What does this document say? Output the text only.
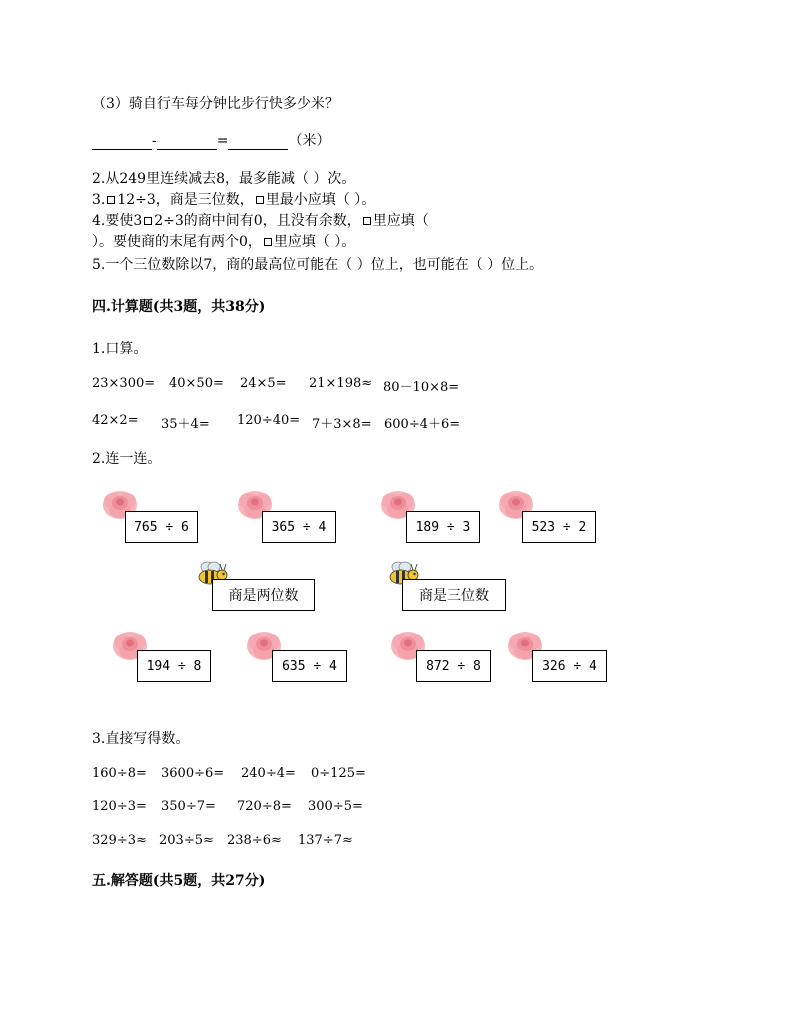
（3）骑自行车每分钟比步行快多少米？
-	=	（米）
2.从249里连续减去8，最多能减（ ）次。
3. 12÷3，商是三位数， 里最小应填（ ）。
4.要使3 2÷3的商中间有0，且没有余数， 里应填（
）。要使商的末尾有两个0， 里应填（ ）。
5.一个三位数除以7，商的最高位可能在（ ）位上，也可能在（ ）位上。
四.计算题(共3题，共38分)
1.口算。
23×300= 40×50= 24×5= 21×198≈ 80－10×8=
42×2= 35＋4= 120÷40= 7＋3×8= 600÷4＋6=
2.连一连。
765 ÷ 6	365 ÷ 4	189 ÷ 3	523 ÷ 2
商是两位数	商是三位数
194 ÷ 8	635 ÷ 4	872 ÷ 8	326 ÷ 4
3.直接写得数。
160÷8= 3600÷6= 240÷4= 0÷125=
120÷3= 350÷7= 720÷8= 300÷5=
329÷3≈ 203÷5≈ 238÷6≈ 137÷7≈
五.解答题(共5题，共27分)
